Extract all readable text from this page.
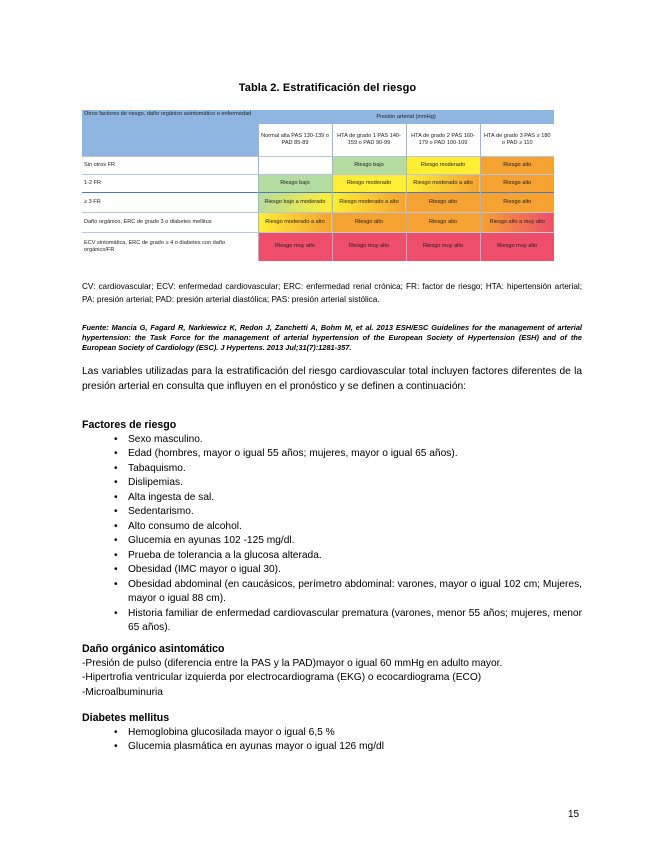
Tabla 2. Estratificación del riesgo
Otros factores de riesgo, daño orgánico asintomático o enfermedad	Presión arterial (mmHg)			
	Normal alta PAS 130-139 o PAD 85-89	HTA de grado 1 PAS 140-159 o PAD 90-99	HTA de grado 2 PAS 160-179 o PAD 100-109	HTA de grado 3 PAS ≥ 180 o PAD ≥ 110
Sin otros FR		Riesgo bajo	Riesgo moderado	Riesgo alto
1-2 FR	Riesgo bajo	Riesgo moderado	Riesgo moderado a alto	Riesgo alto
≥ 3 FR	Riesgo bajo a moderado	Riesgo moderado a alto	Riesgo alto	Riesgo alto
Daño orgánico, ERC de grado 3 o diabetes mellitus	Riesgo moderado a alto	Riesgo alto	Riesgo alto	Riesgo alto a muy alto
ECV sintomática, ERC de grado ≥ 4 o diabetes con daño orgánico/FR	Riesgo muy alto	Riesgo muy alto	Riesgo muy alto	Riesgo muy alto
CV: cardiovascular; ECV: enfermedad cardiovascular; ERC: enfermedad renal crónica; FR: factor de riesgo; HTA: hipertensión arterial; PA: presión arterial; PAD: presión arterial diastólica; PAS: presión arterial sistólica.
Fuente: Mancia G, Fagard R, Narkiewicz K, Redon J, Zanchetti A, Bohm M, et al. 2013 ESH/ESC Guidelines for the management of arterial hypertension: the Task Force for the management of arterial hypertension of the European Society of Hypertension (ESH) and of the European Society of Cardiology (ESC). J Hypertens. 2013 Jul;31(7):1281-357.
Las variables utilizadas para la estratificación del riesgo cardiovascular total incluyen factores diferentes de la presión arterial en consulta que influyen en el pronóstico y se definen a continuación:
Factores de riesgo
• Sexo masculino.
• Edad (hombres, mayor o igual 55 años; mujeres, mayor o igual 65 años).
• Tabaquismo.
• Dislipemias.
• Alta ingesta de sal.
• Sedentarismo.
• Alto consumo de alcohol.
• Glucemia en ayunas 102 -125 mg/dl.
• Prueba de tolerancia a la glucosa alterada.
• Obesidad (IMC mayor o igual 30).
• Obesidad abdominal (en caucásicos, perímetro abdominal: varones, mayor o igual 102 cm; Mujeres, mayor o igual 88 cm).
• Historia familiar de enfermedad cardiovascular prematura (varones, menor 55 años; mujeres, menor 65 años).
Daño orgánico asintomático
-Presión de pulso (diferencia entre la PAS y la PAD)mayor o igual 60 mmHg en adulto mayor.
-Hipertrofia ventricular izquierda por electrocardiograma (EKG) o ecocardiograma (ECO)
-Microalbuminuria
Diabetes mellitus
• Hemoglobina glucosilada mayor o igual 6,5 %
• Glucemia plasmática en ayunas mayor o igual 126 mg/dl
15
